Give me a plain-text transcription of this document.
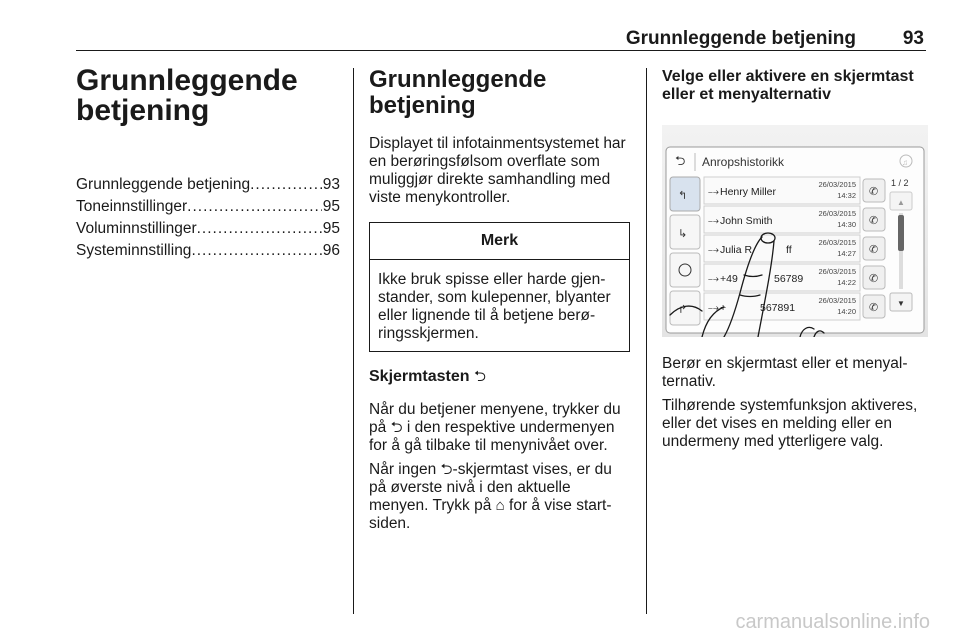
Grunnleggende betjening	93
Grunnleggende
betjening
Grunnleggende betjening .....	93
Toneinnstillinger .....	95
Voluminnstillinger .....	95
Systeminnstilling .....	96
Grunnleggende
betjening

Displayet til infotainmentsystemet har en berøringsfølsom overflate som muliggjør direkte samhandling med viste menykontroller.

Merk
Ikke bruk spisse eller harde gjenstander, som kulepenner, blyanter eller lignende til å betjene berøringsskjermen.
Skjermtasten ⮌

Når du betjener menyene, trykker du på ⮌ i den respektive undermenyen for å gå tilbake til menynivået over.

Når ingen ⮌-skjermtast vises, er du på øverste nivå i den aktuelle menyen. Trykk på ⌂ for å vise startsiden.

Velge eller aktivere en skjermtast eller et menyalternativ
⮌ Anropshistorikk	♫
↰
↳
↱
⤍ Henry Miller
26/03/2015
14:32 ✆
⤍ John Smith
26/03/2015
14:30 ✆
⤍ Julia R	ff
26/03/2015
14:27 ✆
⤍ +49	56789
26/03/2015
14:22 ✆
⤍ +	567891
26/03/2015
14:20 ✆
1 / 2
▲
▼

Berør en skjermtast eller et menyalternativ.

Tilhørende systemfunksjon aktiveres, eller det vises en melding eller en undermeny med ytterligere valg.

carmanualsonline.info
